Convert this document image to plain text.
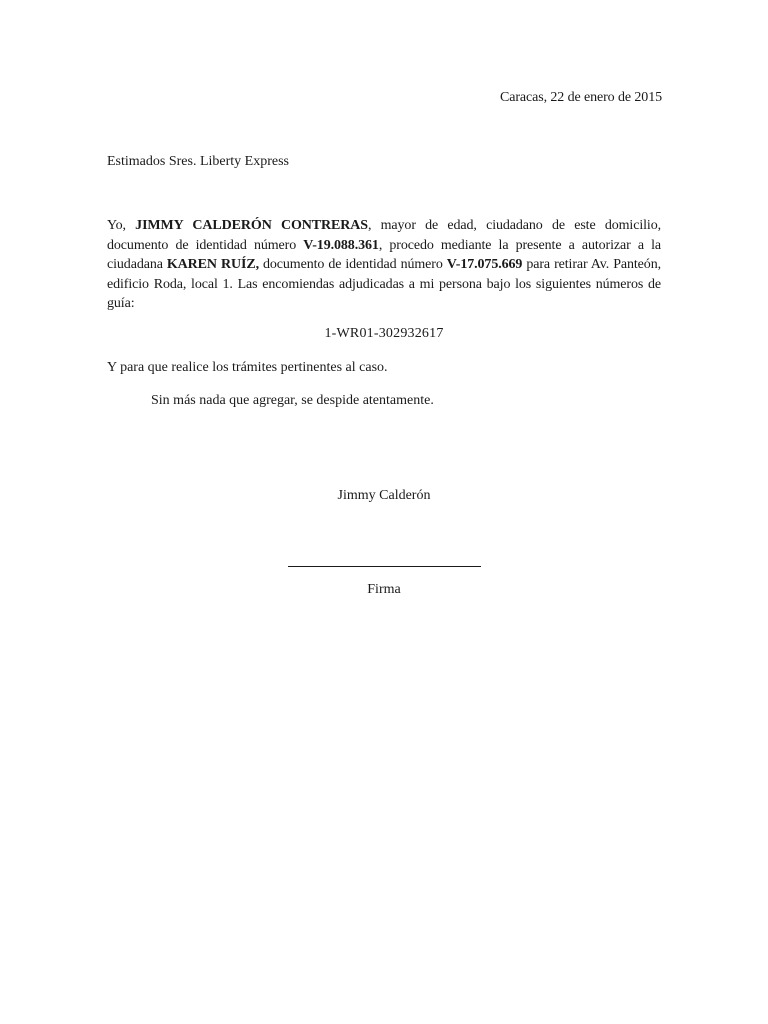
Caracas, 22 de enero de 2015
Estimados Sres. Liberty Express
Yo, JIMMY CALDERÓN CONTRERAS, mayor de edad, ciudadano de este domicilio, documento de identidad número V-19.088.361, procedo mediante la presente a autorizar a la ciudadana KAREN RUÍZ, documento de identidad número V-17.075.669 para retirar Av. Panteón, edificio Roda, local 1. Las encomiendas adjudicadas a mi persona bajo los siguientes números de guía:
1-WR01-302932617
Y para que realice los trámites pertinentes al caso.
Sin más nada que agregar, se despide atentamente.
Jimmy Calderón
Firma
